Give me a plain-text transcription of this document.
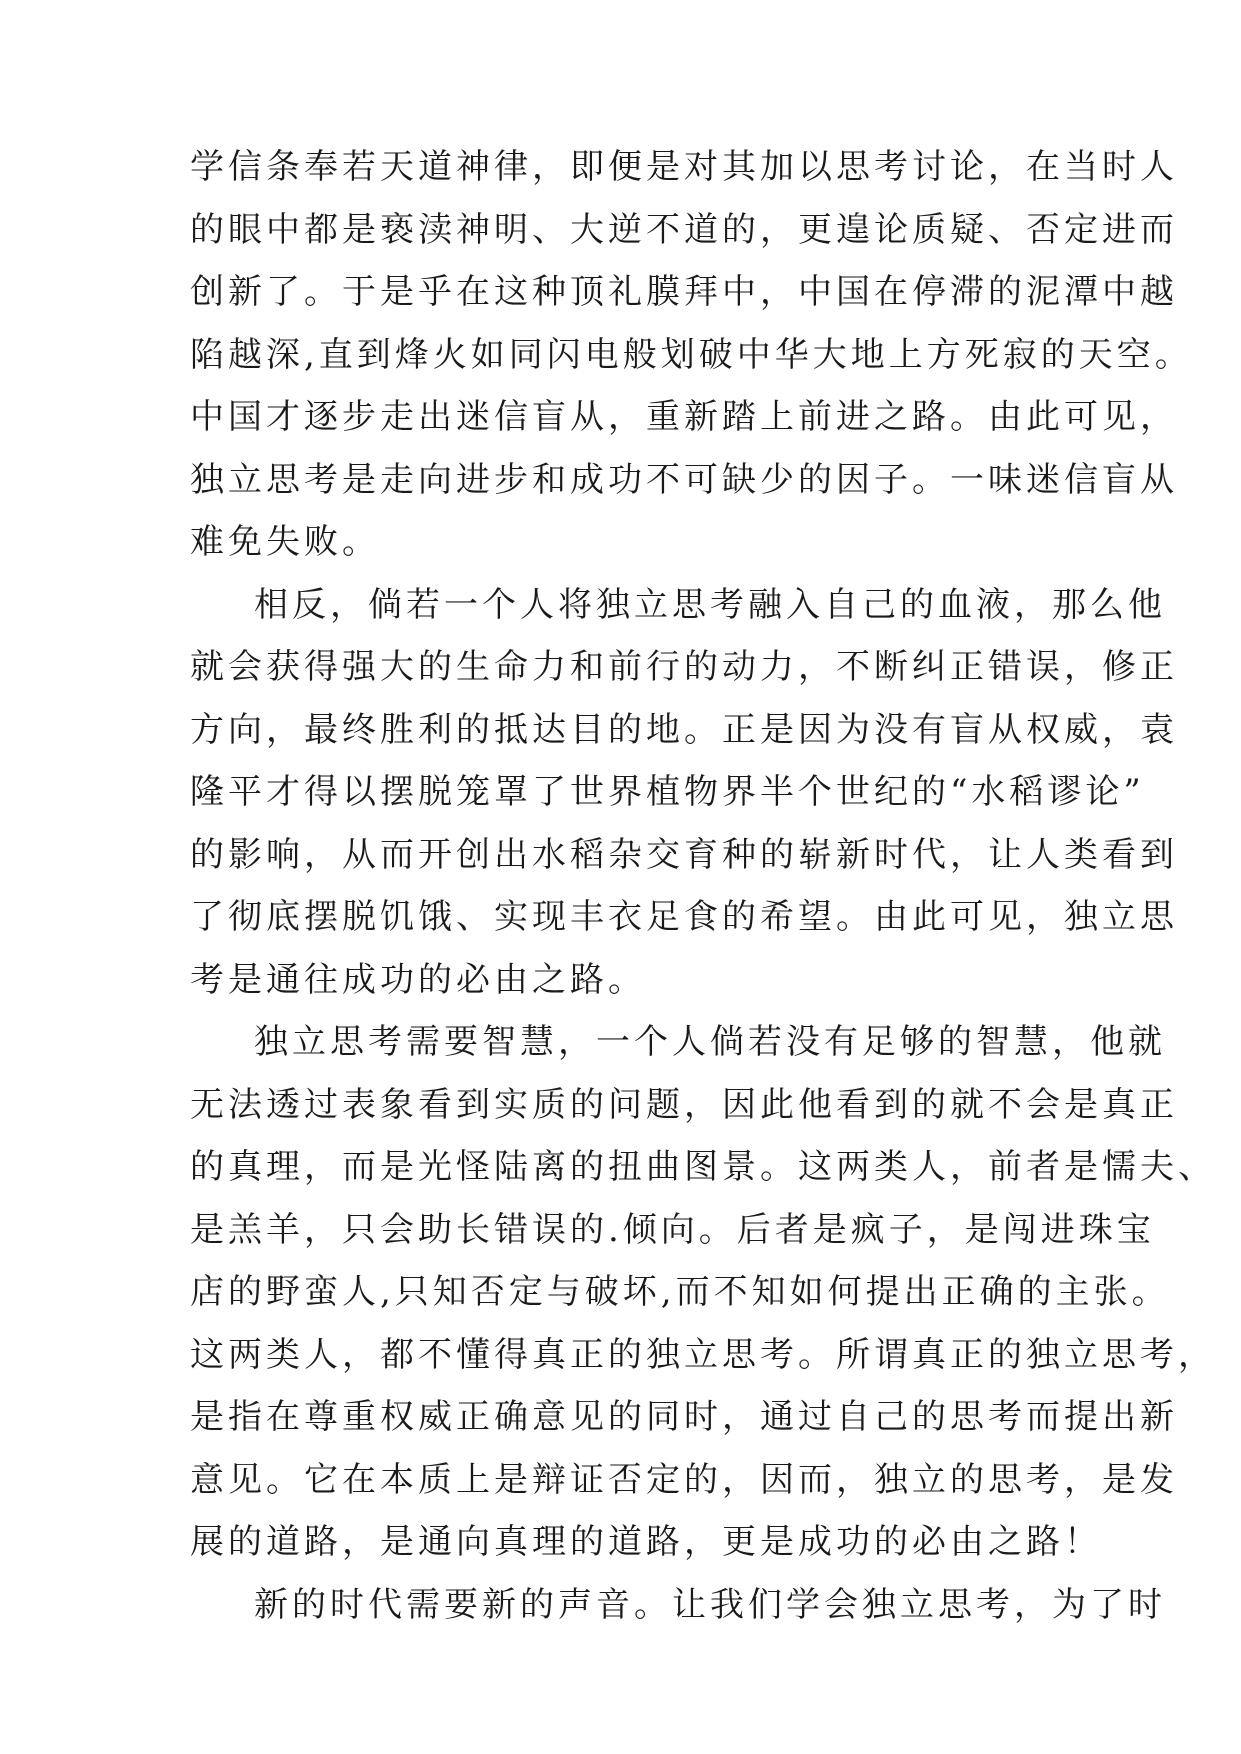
学信条奉若天道神律，即便是对其加以思考讨论，在当时人
的眼中都是亵渎神明、大逆不道的，更遑论质疑、否定进而
创新了。于是乎在这种顶礼膜拜中，中国在停滞的泥潭中越
陷越深,直到烽火如同闪电般划破中华大地上方死寂的天空。
中国才逐步走出迷信盲从，重新踏上前进之路。由此可见，
独立思考是走向进步和成功不可缺少的因子。一味迷信盲从
难免失败。
相反，倘若一个人将独立思考融入自己的血液，那么他
就会获得强大的生命力和前行的动力，不断纠正错误，修正
方向，最终胜利的抵达目的地。正是因为没有盲从权威，袁
隆平才得以摆脱笼罩了世界植物界半个世纪的“水稻谬论”
的影响，从而开创出水稻杂交育种的崭新时代，让人类看到
了彻底摆脱饥饿、实现丰衣足食的希望。由此可见，独立思
考是通往成功的必由之路。
独立思考需要智慧，一个人倘若没有足够的智慧，他就
无法透过表象看到实质的问题，因此他看到的就不会是真正
的真理，而是光怪陆离的扭曲图景。这两类人，前者是懦夫、
是羔羊，只会助长错误的.倾向。后者是疯子，是闯进珠宝
店的野蛮人,只知否定与破坏,而不知如何提出正确的主张。
这两类人，都不懂得真正的独立思考。所谓真正的独立思考，
是指在尊重权威正确意见的同时，通过自己的思考而提出新
意见。它在本质上是辩证否定的，因而，独立的思考，是发
展的道路，是通向真理的道路，更是成功的必由之路！
新的时代需要新的声音。让我们学会独立思考，为了时
